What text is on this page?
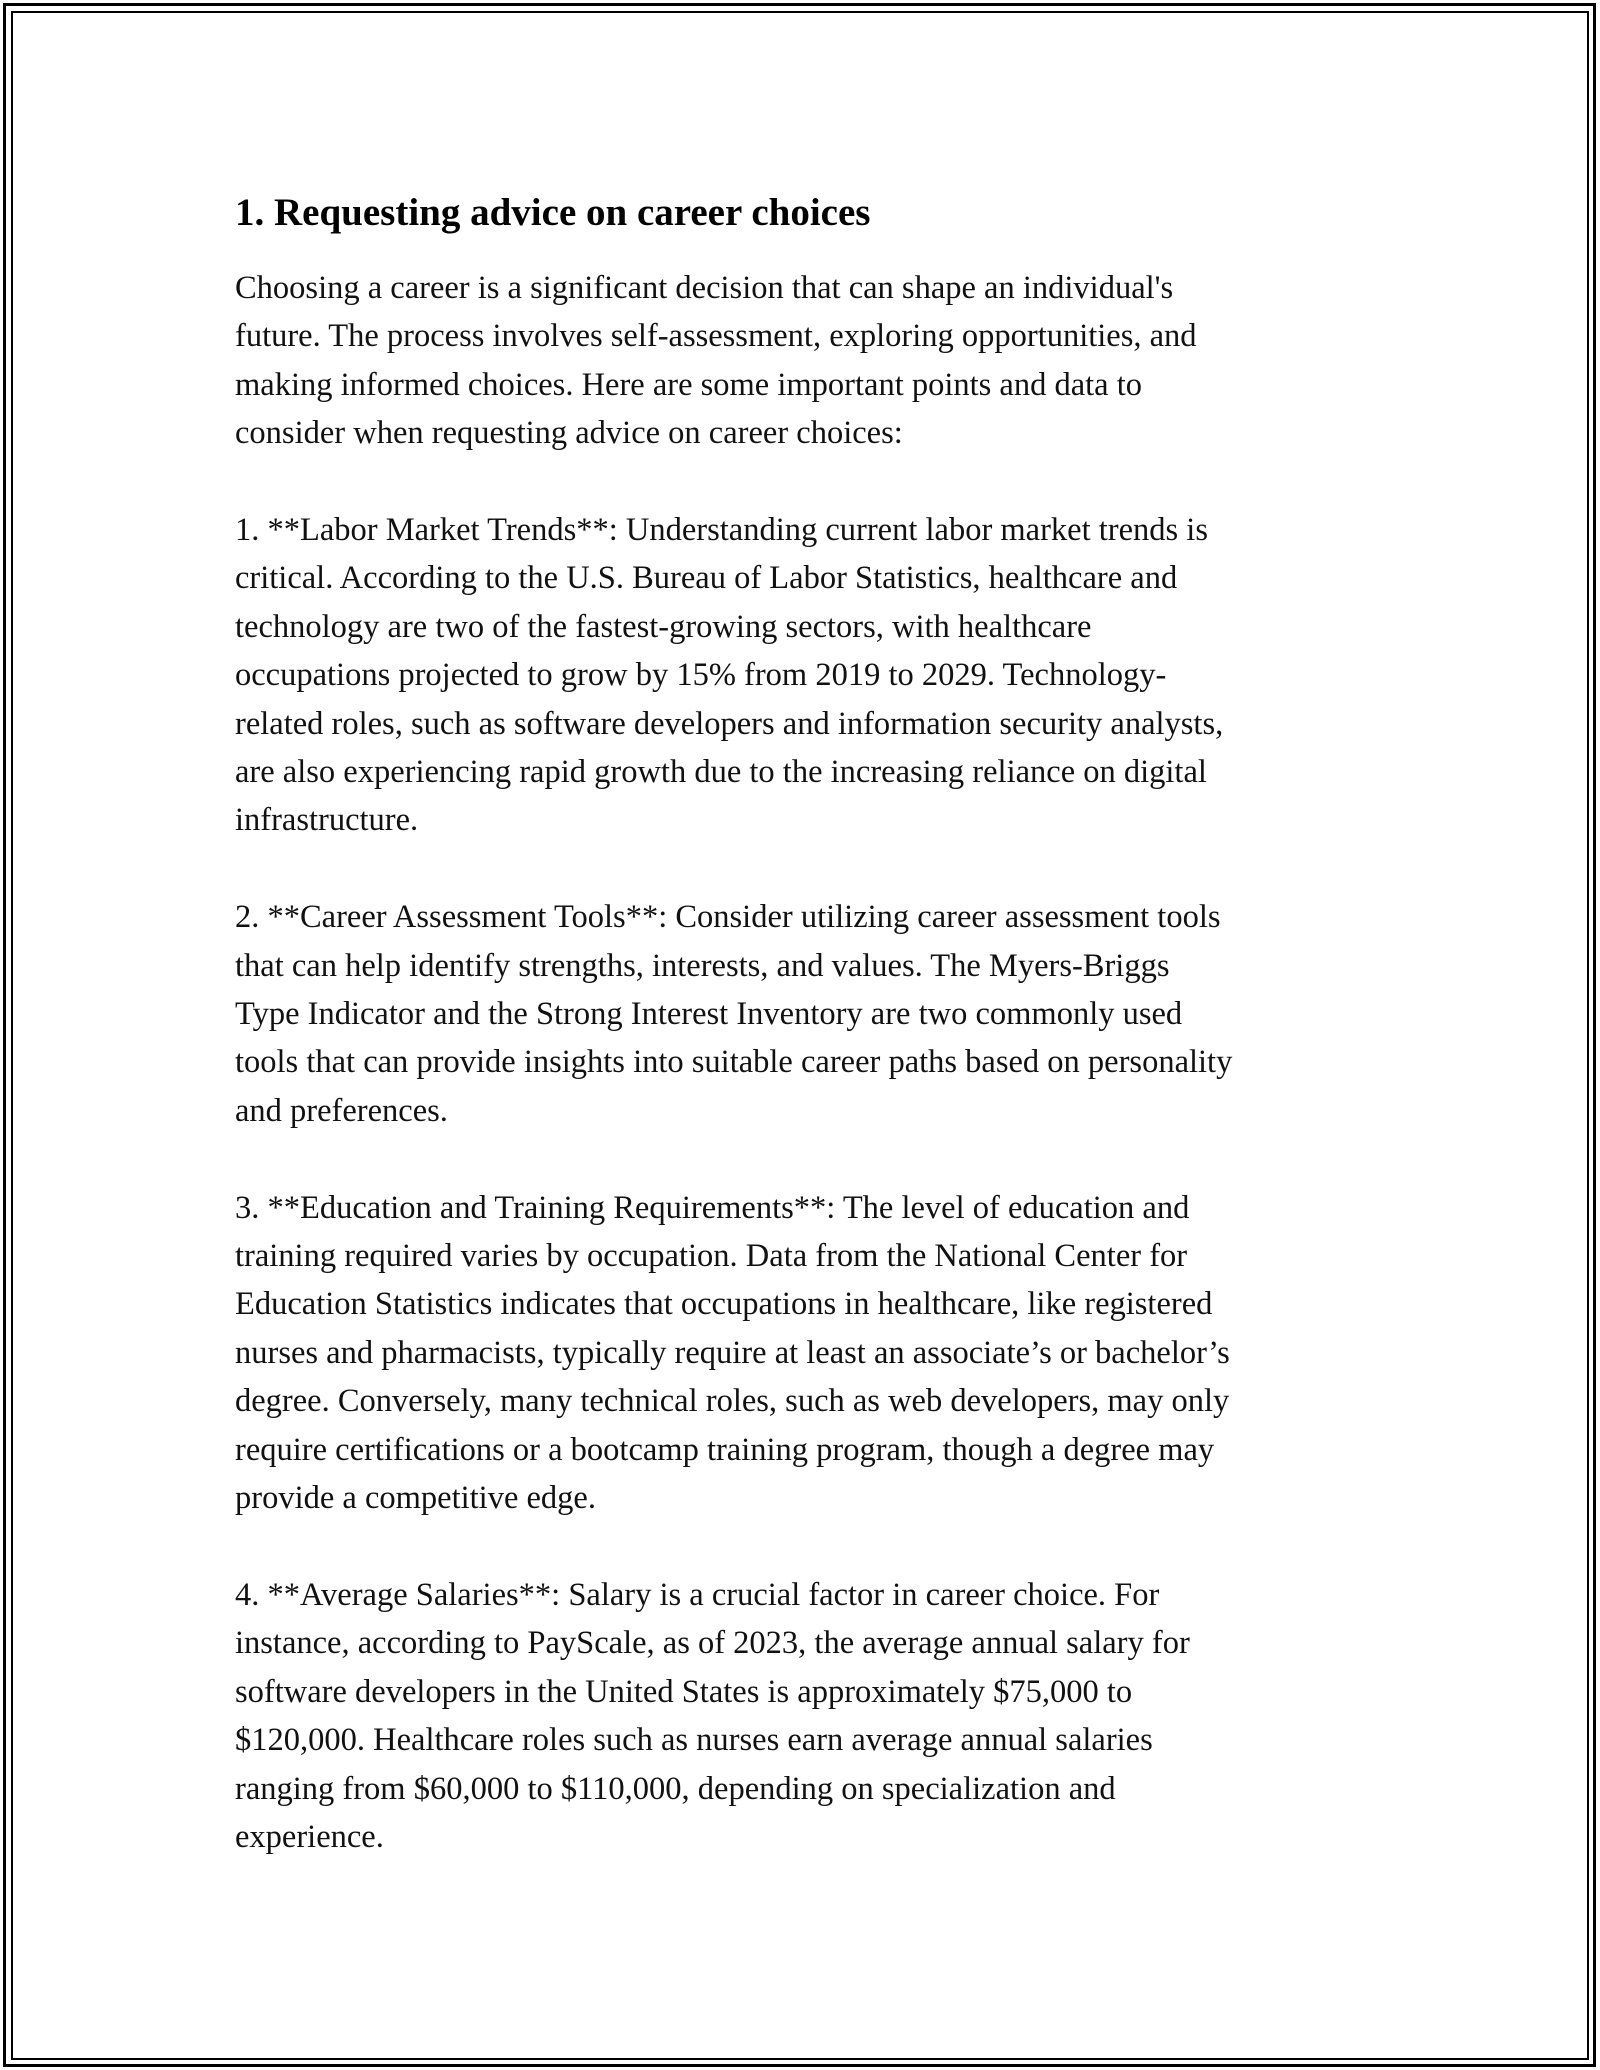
1. Requesting advice on career choices

Choosing a career is a significant decision that can shape an individual's
future. The process involves self-assessment, exploring opportunities, and
making informed choices. Here are some important points and data to
consider when requesting advice on career choices:

1. **Labor Market Trends**: Understanding current labor market trends is
critical. According to the U.S. Bureau of Labor Statistics, healthcare and
technology are two of the fastest-growing sectors, with healthcare
occupations projected to grow by 15% from 2019 to 2029. Technology-
related roles, such as software developers and information security analysts,
are also experiencing rapid growth due to the increasing reliance on digital
infrastructure.

2. **Career Assessment Tools**: Consider utilizing career assessment tools
that can help identify strengths, interests, and values. The Myers-Briggs
Type Indicator and the Strong Interest Inventory are two commonly used
tools that can provide insights into suitable career paths based on personality
and preferences.

3. **Education and Training Requirements**: The level of education and
training required varies by occupation. Data from the National Center for
Education Statistics indicates that occupations in healthcare, like registered
nurses and pharmacists, typically require at least an associate’s or bachelor’s
degree. Conversely, many technical roles, such as web developers, may only
require certifications or a bootcamp training program, though a degree may
provide a competitive edge.

4. **Average Salaries**: Salary is a crucial factor in career choice. For
instance, according to PayScale, as of 2023, the average annual salary for
software developers in the United States is approximately $75,000 to
$120,000. Healthcare roles such as nurses earn average annual salaries
ranging from $60,000 to $110,000, depending on specialization and
experience.
